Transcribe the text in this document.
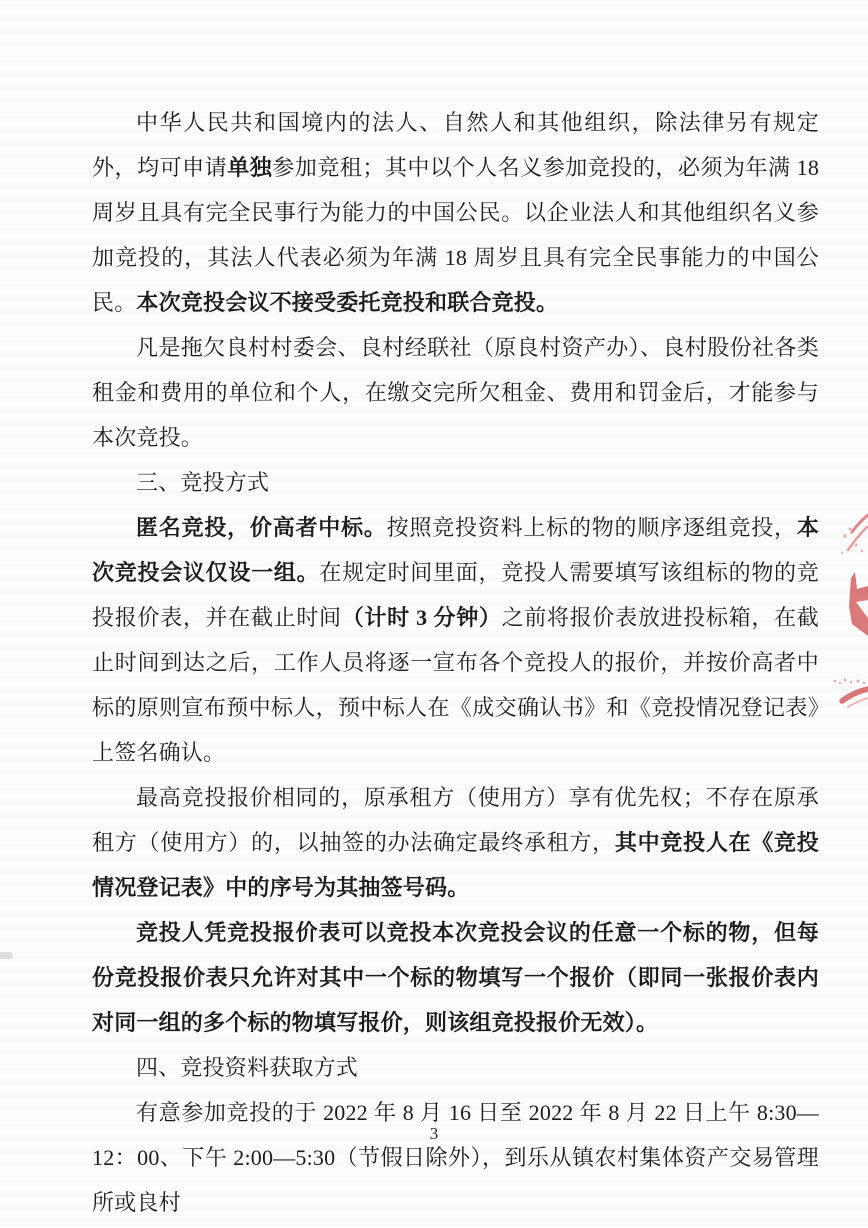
中华人民共和国境内的法人、自然人和其他组织，除法律另有规定外，均可申请单独参加竞租；其中以个人名义参加竞投的，必须为年满 18 周岁且具有完全民事行为能力的中国公民。以企业法人和其他组织名义参加竞投的，其法人代表必须为年满 18 周岁且具有完全民事能力的中国公民。本次竞投会议不接受委托竞投和联合竞投。

凡是拖欠良村村委会、良村经联社（原良村资产办）、良村股份社各类租金和费用的单位和个人，在缴交完所欠租金、费用和罚金后，才能参与本次竞投。

三、竞投方式

匿名竞投，价高者中标。按照竞投资料上标的物的顺序逐组竞投，本次竞投会议仅设一组。在规定时间里面，竞投人需要填写该组标的物的竞投报价表，并在截止时间（计时 3 分钟）之前将报价表放进投标箱，在截止时间到达之后，工作人员将逐一宣布各个竞投人的报价，并按价高者中标的原则宣布预中标人，预中标人在《成交确认书》和《竞投情况登记表》上签名确认。

最高竞投报价相同的，原承租方（使用方）享有优先权；不存在原承租方（使用方）的，以抽签的办法确定最终承租方，其中竞投人在《竞投情况登记表》中的序号为其抽签号码。

竞投人凭竞投报价表可以竞投本次竞投会议的任意一个标的物，但每份竞投报价表只允许对其中一个标的物填写一个报价（即同一张报价表内对同一组的多个标的物填写报价，则该组竞投报价无效）。

四、竞投资料获取方式

有意参加竞投的于 2022 年 8 月 16 日至 2022 年 8 月 22 日上午 8:30—12：00、下午 2:00—5:30（节假日除外），到乐从镇农村集体资产交易管理所或良村

3
